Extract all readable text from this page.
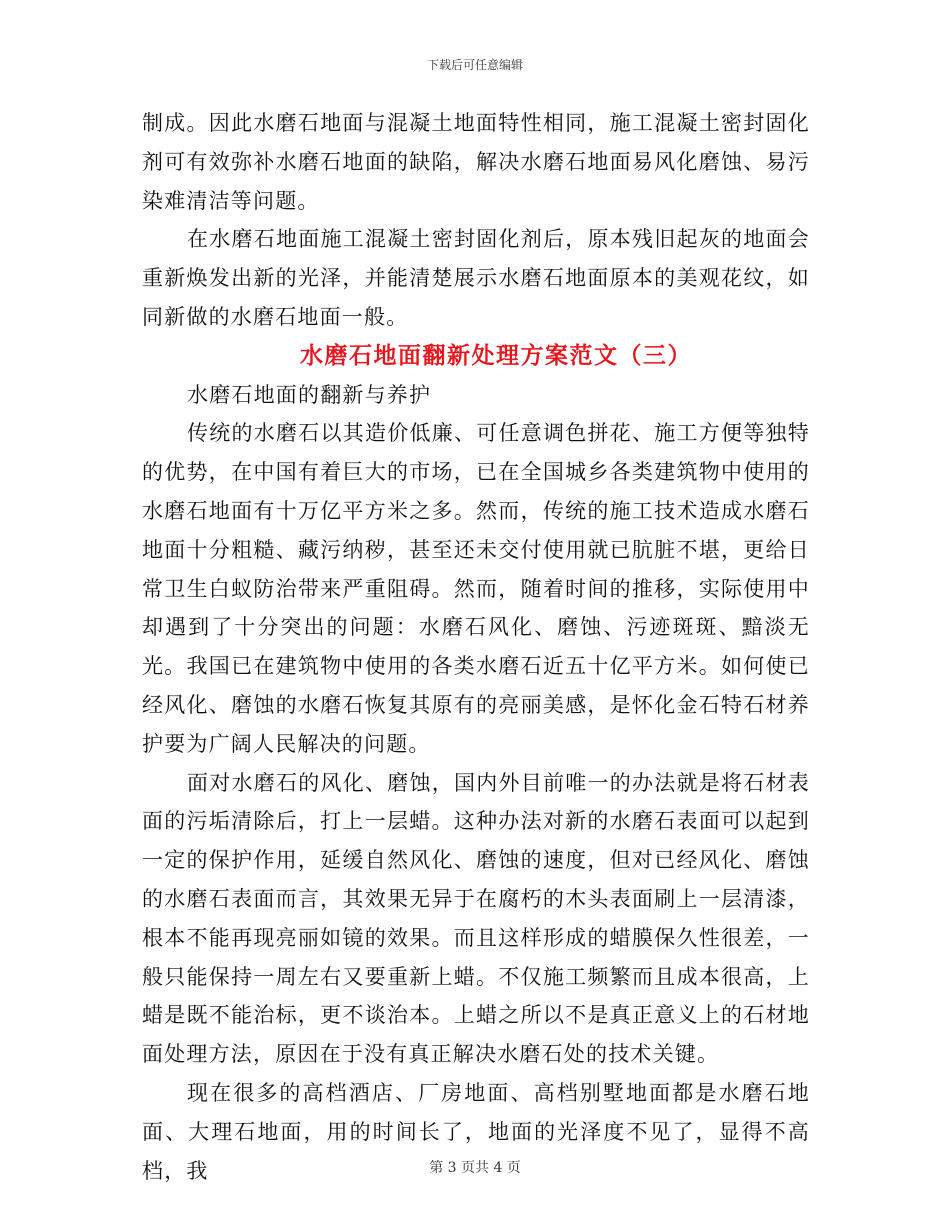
下载后可任意编辑

制成。因此水磨石地面与混凝土地面特性相同，施工混凝土密封固化剂可有效弥补水磨石地面的缺陷，解决水磨石地面易风化磨蚀、易污染难清洁等问题。

在水磨石地面施工混凝土密封固化剂后，原本残旧起灰的地面会重新焕发出新的光泽，并能清楚展示水磨石地面原本的美观花纹，如同新做的水磨石地面一般。

水磨石地面翻新处理方案范文（三）

水磨石地面的翻新与养护

传统的水磨石以其造价低廉、可任意调色拼花、施工方便等独特的优势，在中国有着巨大的市场，已在全国城乡各类建筑物中使用的水磨石地面有十万亿平方米之多。然而，传统的施工技术造成水磨石地面十分粗糙、藏污纳秽，甚至还未交付使用就已肮脏不堪，更给日常卫生白蚁防治带来严重阻碍。然而，随着时间的推移，实际使用中却遇到了十分突出的问题：水磨石风化、磨蚀、污迹斑斑、黯淡无光。我国已在建筑物中使用的各类水磨石近五十亿平方米。如何使已经风化、磨蚀的水磨石恢复其原有的亮丽美感，是怀化金石特石材养护要为广阔人民解决的问题。

面对水磨石的风化、磨蚀，国内外目前唯一的办法就是将石材表面的污垢清除后，打上一层蜡。这种办法对新的水磨石表面可以起到一定的保护作用，延缓自然风化、磨蚀的速度，但对已经风化、磨蚀的水磨石表面而言，其效果无异于在腐朽的木头表面刷上一层清漆，根本不能再现亮丽如镜的效果。而且这样形成的蜡膜保久性很差，一般只能保持一周左右又要重新上蜡。不仅施工频繁而且成本很高，上蜡是既不能治标，更不谈治本。上蜡之所以不是真正意义上的石材地面处理方法，原因在于没有真正解决水磨石处的技术关键。

现在很多的高档酒店、厂房地面、高档别墅地面都是水磨石地面、大理石地面，用的时间长了，地面的光泽度不见了，显得不高档，我	第 3 页共 4 页
